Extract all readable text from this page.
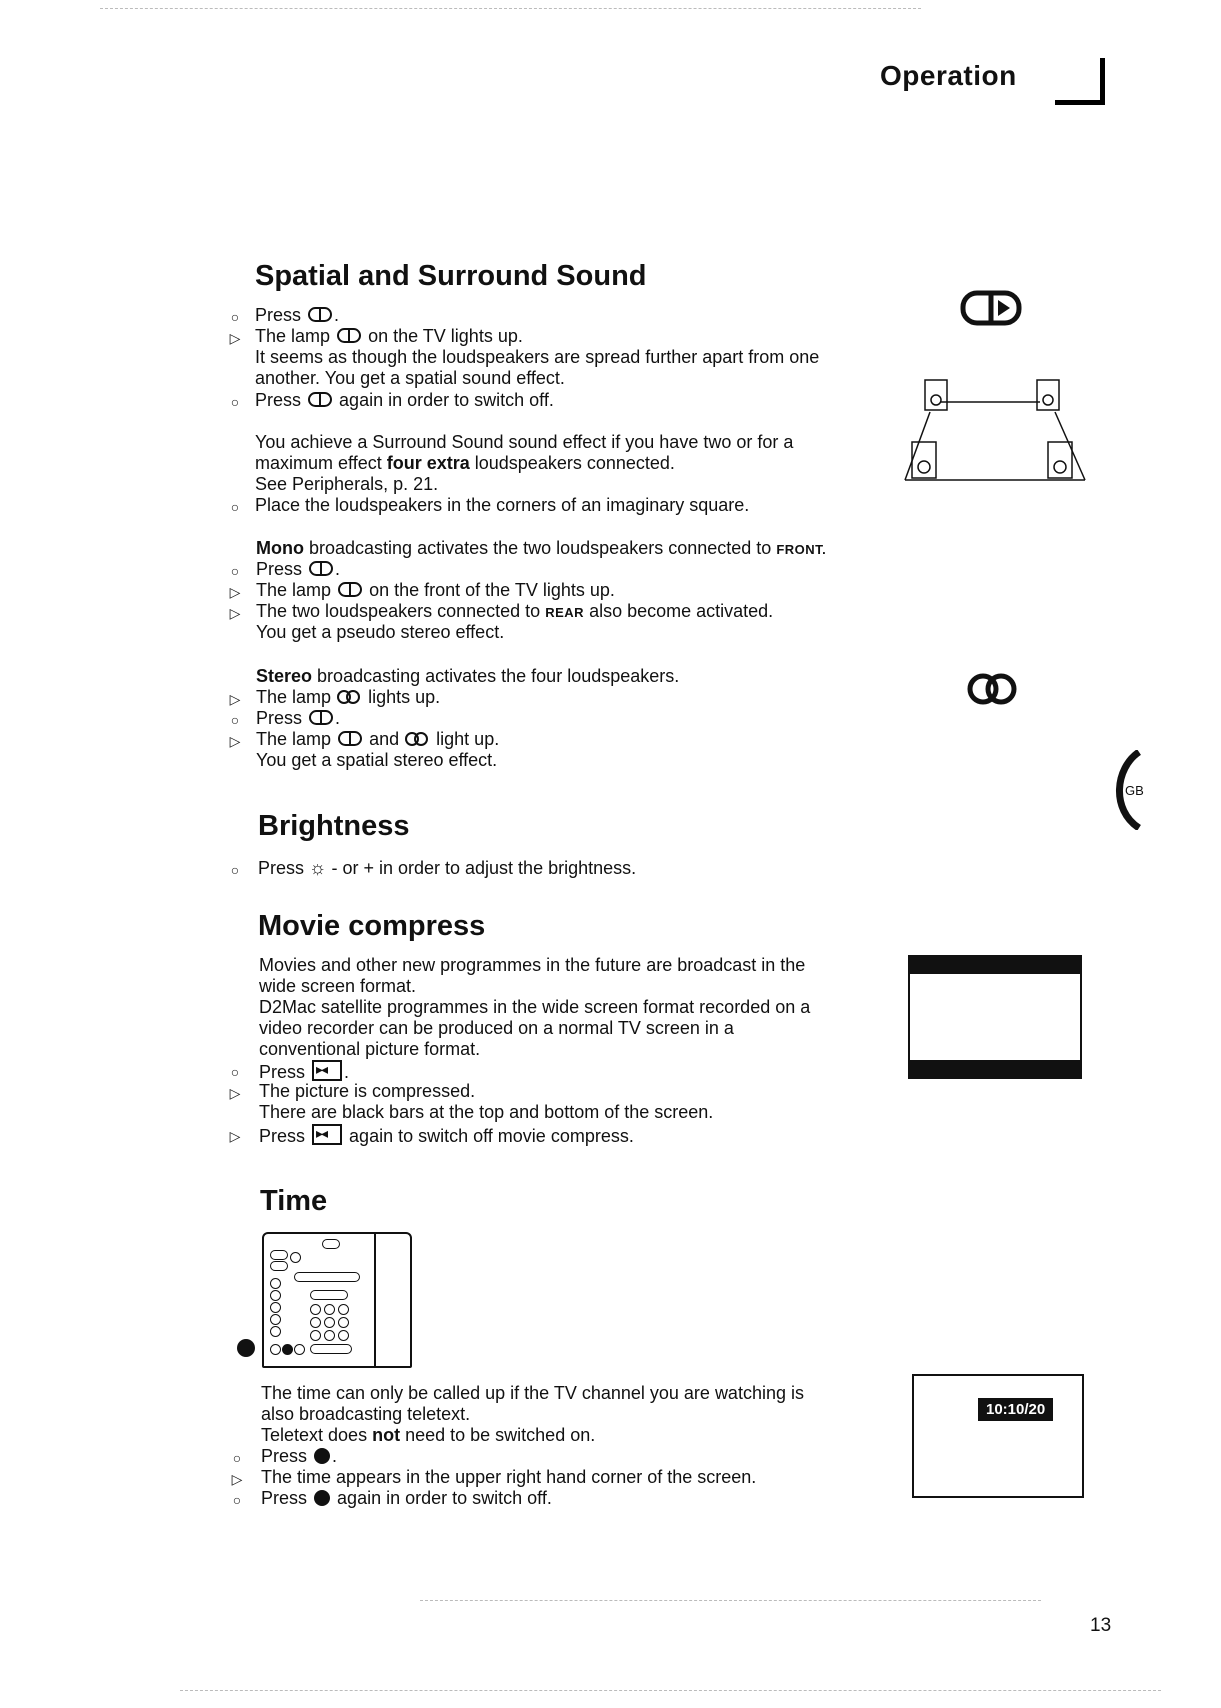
Operation
Spatial and Surround Sound
○ Press .
▷ The lamp on the TV lights up.
It seems as though the loudspeakers are spread further apart from one
another. You get a spatial sound effect.
○ Press again in order to switch off.
You achieve a Surround Sound sound effect if you have two or for a
maximum effect four extra loudspeakers connected.
See Peripherals, p. 21.
○ Place the loudspeakers in the corners of an imaginary square.
Mono broadcasting activates the two loudspeakers connected to FRONT.
○ Press .
▷ The lamp on the front of the TV lights up.
▷ The two loudspeakers connected to REAR also become activated.
You get a pseudo stereo effect.
Stereo broadcasting activates the four loudspeakers.
▷ The lamp lights up.
○ Press .
▷ The lamp and light up.
You get a spatial stereo effect.
GB
Brightness
○ Press ☼ - or + in order to adjust the brightness.
Movie compress
Movies and other new programmes in the future are broadcast in the
wide screen format.
D2Mac satellite programmes in the wide screen format recorded on a
video recorder can be produced on a normal TV screen in a
conventional picture format.
○ Press ▸◂ .
▷ The picture is compressed.
There are black bars at the top and bottom of the screen.
▷ Press ▸◂ again to switch off movie compress.
Time
The time can only be called up if the TV channel you are watching is
also broadcasting teletext.
Teletext does not need to be switched on.
○ Press .
▷ The time appears in the upper right hand corner of the screen.
○ Press again in order to switch off.
10:10/20
13
